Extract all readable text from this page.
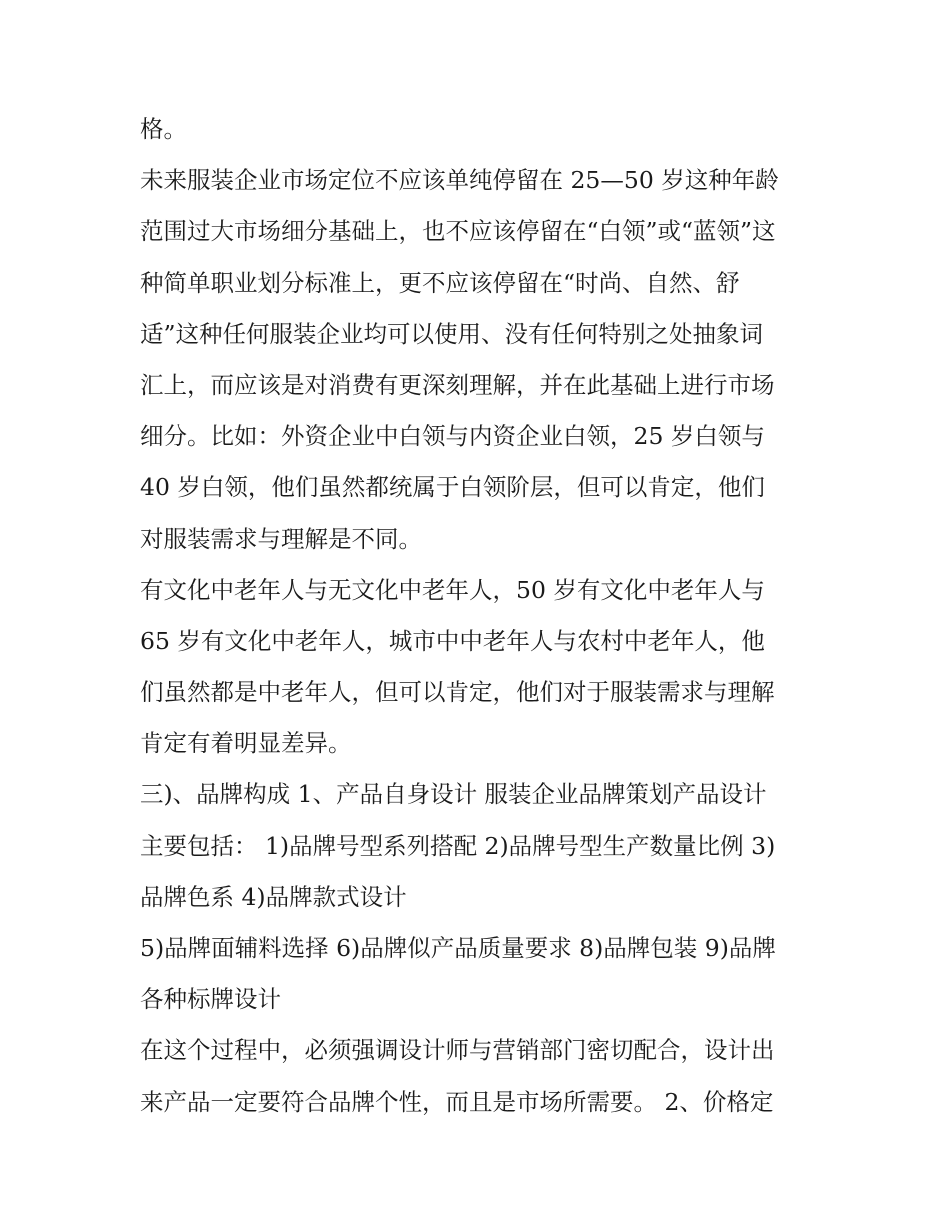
格。
未来服装企业市场定位不应该单纯停留在 25—50 岁这种年龄
范围过大市场细分基础上，也不应该停留在“白领”或“蓝领”这
种简单职业划分标准上，更不应该停留在“时尚、自然、舒
适”这种任何服装企业均可以使用、没有任何特别之处抽象词
汇上，而应该是对消费有更深刻理解，并在此基础上进行市场
细分。比如：外资企业中白领与内资企业白领，25 岁白领与
40 岁白领，他们虽然都统属于白领阶层，但可以肯定，他们
对服装需求与理解是不同。
有文化中老年人与无文化中老年人，50 岁有文化中老年人与
65 岁有文化中老年人，城市中中老年人与农村中老年人，他
们虽然都是中老年人，但可以肯定，他们对于服装需求与理解
肯定有着明显差异。
三)、品牌构成 1、产品自身设计 服装企业品牌策划产品设计
主要包括： 1)品牌号型系列搭配 2)品牌号型生产数量比例 3)
品牌色系 4)品牌款式设计
5)品牌面辅料选择 6)品牌似产品质量要求 8)品牌包装 9)品牌
各种标牌设计
在这个过程中，必须强调设计师与营销部门密切配合，设计出
来产品一定要符合品牌个性，而且是市场所需要。 2、价格定
